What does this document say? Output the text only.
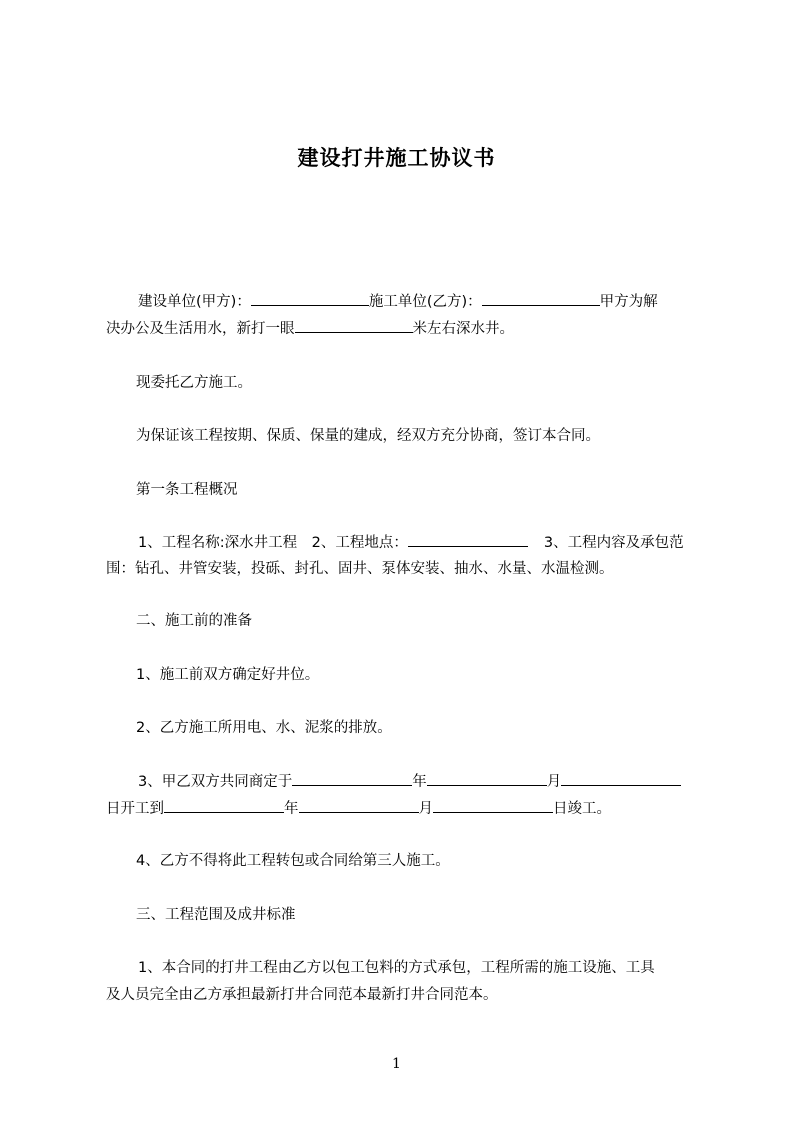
建设打井施工协议书
建设单位(甲方)：	施工单位(乙方)：	甲方为解
决办公及生活用水，新打一眼	米左右深水井。
现委托乙方施工。
为保证该工程按期、保质、保量的建成，经双方充分协商，签订本合同。
第一条工程概况
1、工程名称:深水井工程　2、工程地点：	3、工程内容及承包范
围：钻孔、井管安装，投砾、封孔、固井、泵体安装、抽水、水量、水温检测。
二、施工前的准备
1、施工前双方确定好井位。
2、乙方施工所用电、水、泥浆的排放。
3、甲乙双方共同商定于	年	月
日开工到	年	月	日竣工。
4、乙方不得将此工程转包或合同给第三人施工。
三、工程范围及成井标准
1、本合同的打井工程由乙方以包工包料的方式承包，工程所需的施工设施、工具
及人员完全由乙方承担最新打井合同范本最新打井合同范本。
1
